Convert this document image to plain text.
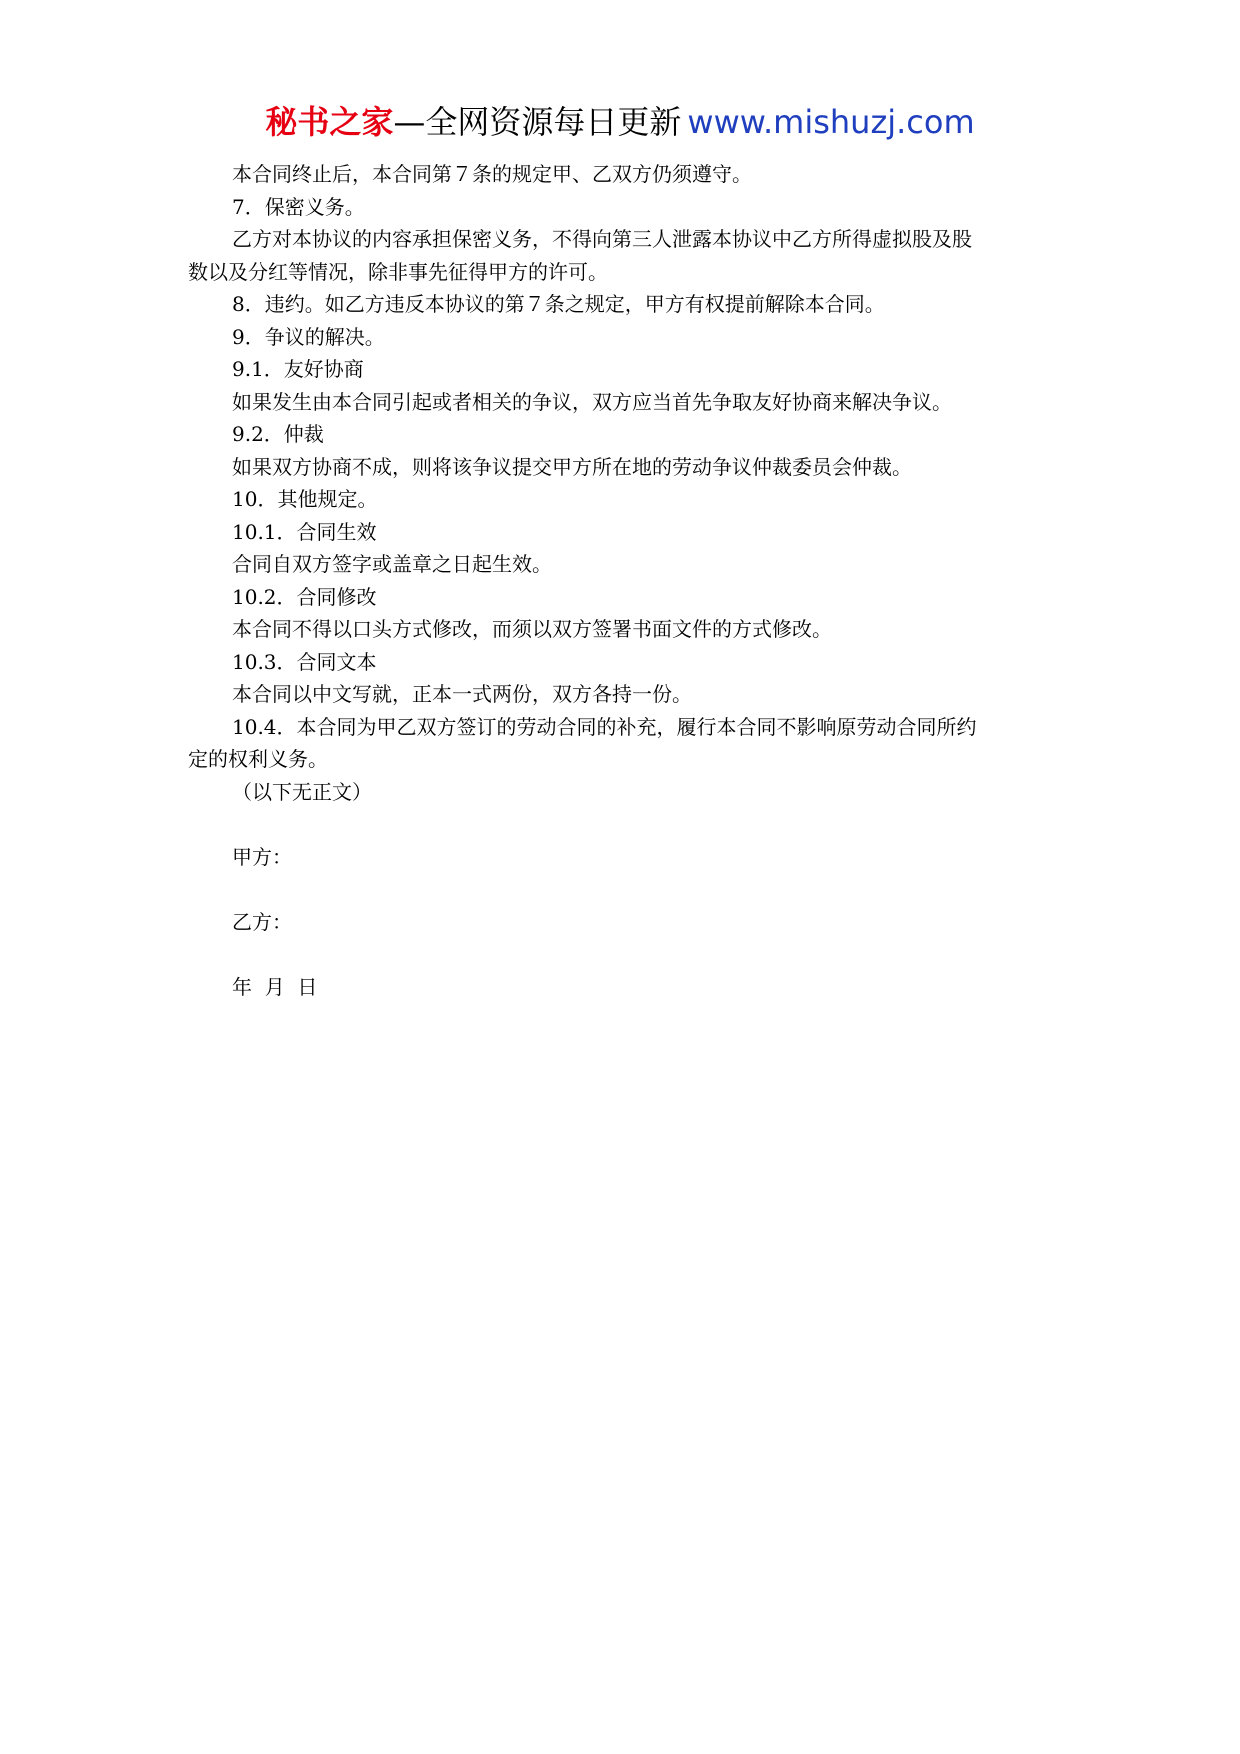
秘书之家—全网资源每日更新 www.mishuzj.com
本合同终止后，本合同第７条的规定甲、乙双方仍须遵守。
7．保密义务。
乙方对本协议的内容承担保密义务，不得向第三人泄露本协议中乙方所得虚拟股及股
数以及分红等情况，除非事先征得甲方的许可。
8．违约。如乙方违反本协议的第７条之规定，甲方有权提前解除本合同。
9．争议的解决。
9.1．友好协商
如果发生由本合同引起或者相关的争议，双方应当首先争取友好协商来解决争议。
9.2．仲裁
如果双方协商不成，则将该争议提交甲方所在地的劳动争议仲裁委员会仲裁。
10．其他规定。
10.1．合同生效
合同自双方签字或盖章之日起生效。
10.2．合同修改
本合同不得以口头方式修改，而须以双方签署书面文件的方式修改。
10.3．合同文本
本合同以中文写就，正本一式两份，双方各持一份。
10.4．本合同为甲乙双方签订的劳动合同的补充，履行本合同不影响原劳动合同所约
定的权利义务。
（以下无正文）
甲方：
乙方：
年  月  日
